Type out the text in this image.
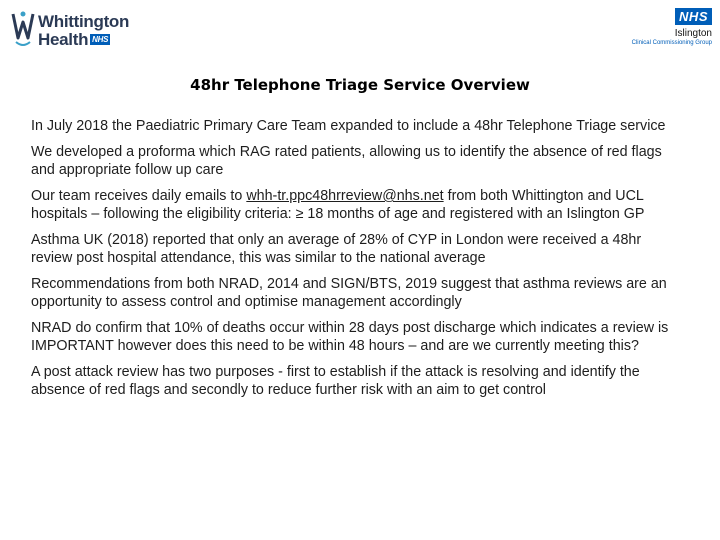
Whittington
Health NHS
NHS
Islington
Clinical Commissioning Group
48hr Telephone Triage Service Overview

In July 2018 the Paediatric Primary Care Team expanded to include a 48hr Telephone Triage service

We developed a proforma which RAG rated patients, allowing us to identify the absence of red flags and appropriate follow up care

Our team receives daily emails to whh-tr.ppc48hrreview@nhs.net from both Whittington and UCL hospitals – following the eligibility criteria: ≥ 18 months of age and registered with an Islington GP

Asthma UK (2018) reported that only an average of 28% of CYP in London were received a 48hr review post hospital attendance, this was similar to the national average

Recommendations from both NRAD, 2014 and SIGN/BTS, 2019 suggest that asthma reviews are an opportunity to assess control and optimise management accordingly

NRAD do confirm that 10% of deaths occur within 28 days post discharge which indicates a review is IMPORTANT however does this need to be within 48 hours – and are we currently meeting this?

A post attack review has two purposes - first to establish if the attack is resolving and identify the absence of red flags and secondly to reduce further risk with an aim to get control
